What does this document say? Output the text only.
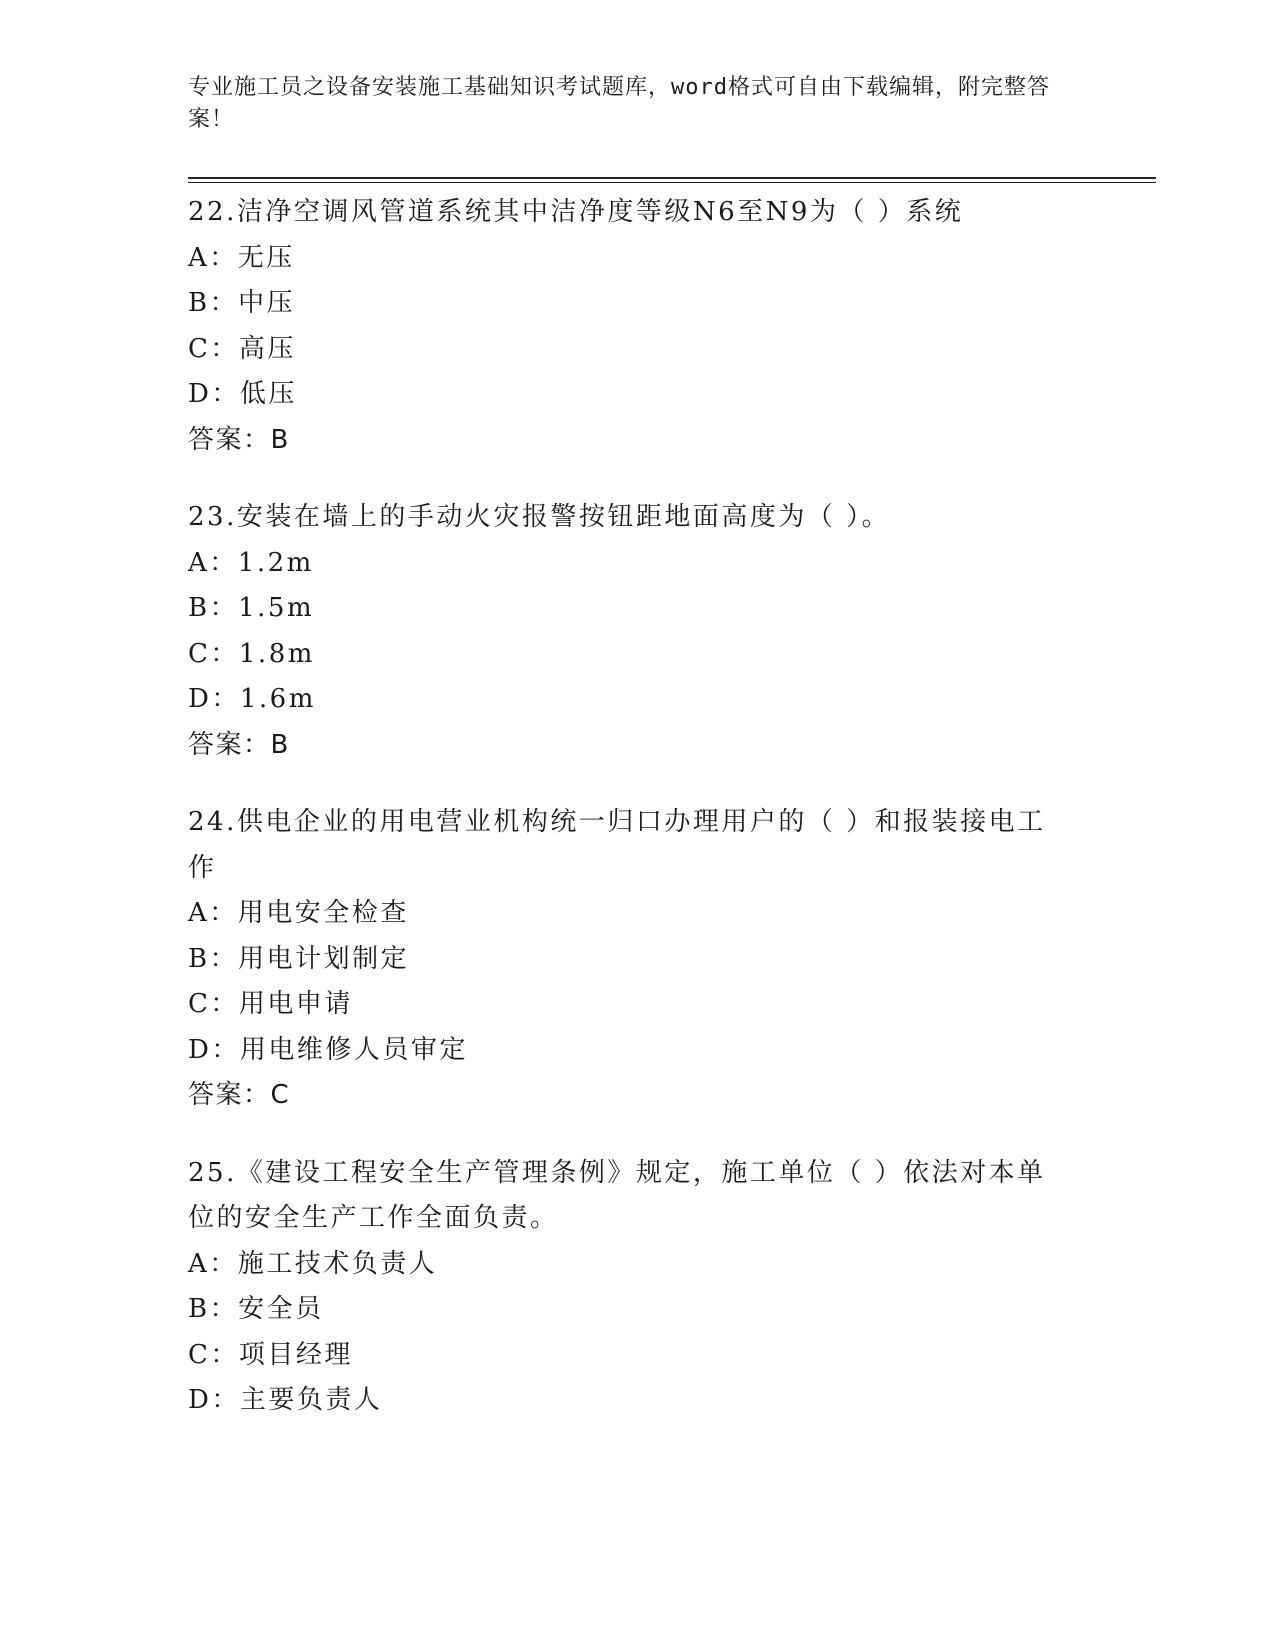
专业施工员之设备安装施工基础知识考试题库，word格式可自由下载编辑，附完整答案！
22.洁净空调风管道系统其中洁净度等级N6至N9为（ ）系统
A：无压
B：中压
C：高压
D：低压
答案：B
23.安装在墙上的手动火灾报警按钮距地面高度为（ ）。
A：1.2m
B：1.5m
C：1.8m
D：1.6m
答案：B
24.供电企业的用电营业机构统一归口办理用户的（ ）和报装接电工作
A：用电安全检查
B：用电计划制定
C：用电申请
D：用电维修人员审定
答案：C
25.《建设工程安全生产管理条例》规定，施工单位（ ）依法对本单位的安全生产工作全面负责。
A：施工技术负责人
B：安全员
C：项目经理
D：主要负责人
